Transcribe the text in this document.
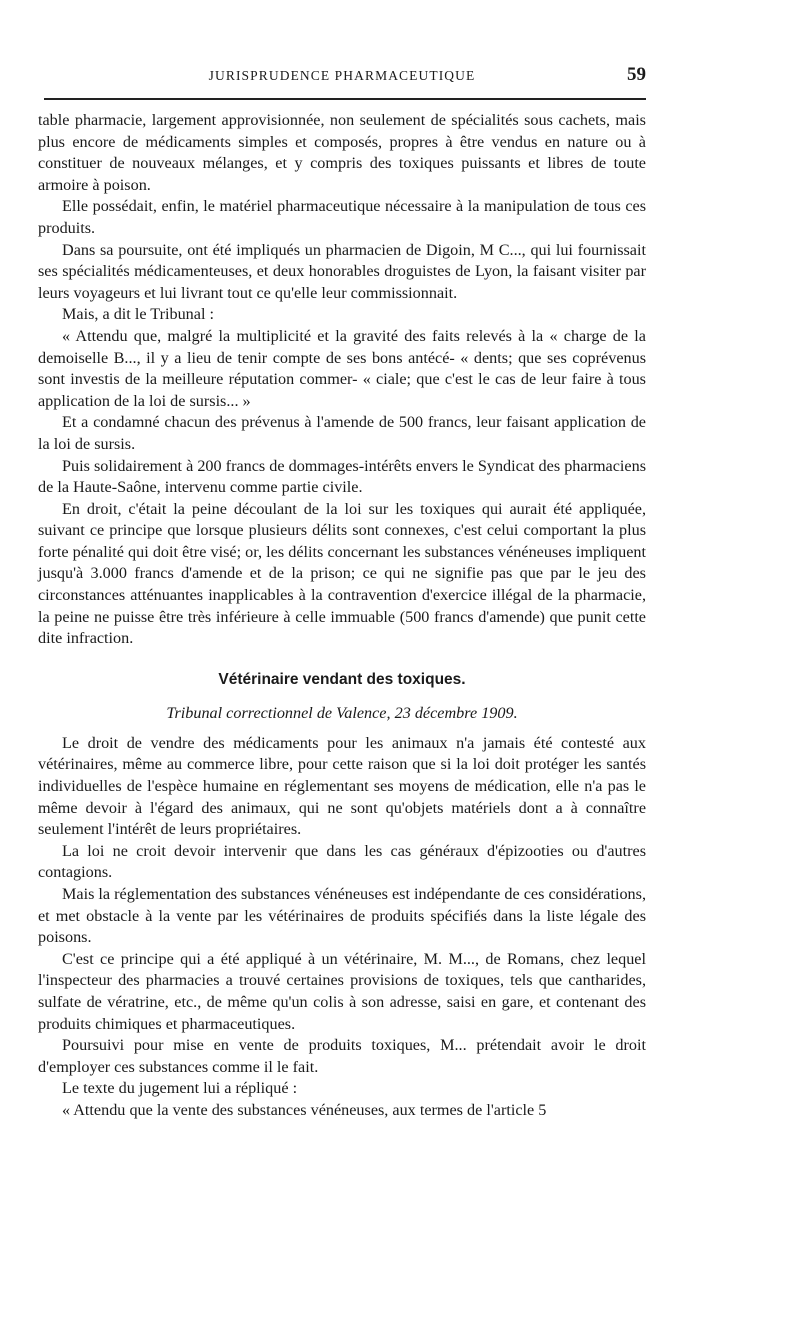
JURISPRUDENCE PHARMACEUTIQUE	59

table pharmacie, largement approvisionnée, non seulement de spécialités sous cachets, mais plus encore de médicaments simples et composés, propres à être vendus en nature ou à constituer de nouveaux mélanges, et y compris des toxiques puissants et libres de toute armoire à poison.

Elle possédait, enfin, le matériel pharmaceutique nécessaire à la manipulation de tous ces produits.

Dans sa poursuite, ont été impliqués un pharmacien de Digoin, M C..., qui lui fournissait ses spécialités médicamenteuses, et deux honorables droguistes de Lyon, la faisant visiter par leurs voyageurs et lui livrant tout ce qu'elle leur commissionnait.

Mais, a dit le Tribunal :

« Attendu que, malgré la multiplicité et la gravité des faits relevés à la « charge de la demoiselle B..., il y a lieu de tenir compte de ses bons antécé- « dents; que ses coprévenus sont investis de la meilleure réputation commer- « ciale; que c'est le cas de leur faire à tous application de la loi de sursis... »

Et a condamné chacun des prévenus à l'amende de 500 francs, leur faisant application de la loi de sursis.

Puis solidairement à 200 francs de dommages-intérêts envers le Syndicat des pharmaciens de la Haute-Saône, intervenu comme partie civile.

En droit, c'était la peine découlant de la loi sur les toxiques qui aurait été appliquée, suivant ce principe que lorsque plusieurs délits sont connexes, c'est celui comportant la plus forte pénalité qui doit être visé; or, les délits concernant les substances vénéneuses impliquent jusqu'à 3.000 francs d'amende et de la prison; ce qui ne signifie pas que par le jeu des circonstances atténuantes inapplicables à la contravention d'exercice illégal de la pharmacie, la peine ne puisse être très inférieure à celle immuable (500 francs d'amende) que punit cette dite infraction.

Vétérinaire vendant des toxiques.
Tribunal correctionnel de Valence, 23 décembre 1909.

Le droit de vendre des médicaments pour les animaux n'a jamais été contesté aux vétérinaires, même au commerce libre, pour cette raison que si la loi doit protéger les santés individuelles de l'espèce humaine en réglementant ses moyens de médication, elle n'a pas le même devoir à l'égard des animaux, qui ne sont qu'objets matériels dont a à connaître seulement l'intérêt de leurs propriétaires.

La loi ne croit devoir intervenir que dans les cas généraux d'épizooties ou d'autres contagions.

Mais la réglementation des substances vénéneuses est indépendante de ces considérations, et met obstacle à la vente par les vétérinaires de produits spécifiés dans la liste légale des poisons.

C'est ce principe qui a été appliqué à un vétérinaire, M. M..., de Romans, chez lequel l'inspecteur des pharmacies a trouvé certaines provisions de toxiques, tels que cantharides, sulfate de vératrine, etc., de même qu'un colis à son adresse, saisi en gare, et contenant des produits chimiques et pharmaceutiques.

Poursuivi pour mise en vente de produits toxiques, M... prétendait avoir le droit d'employer ces substances comme il le fait.

Le texte du jugement lui a répliqué :

« Attendu que la vente des substances vénéneuses, aux termes de l'article 5
